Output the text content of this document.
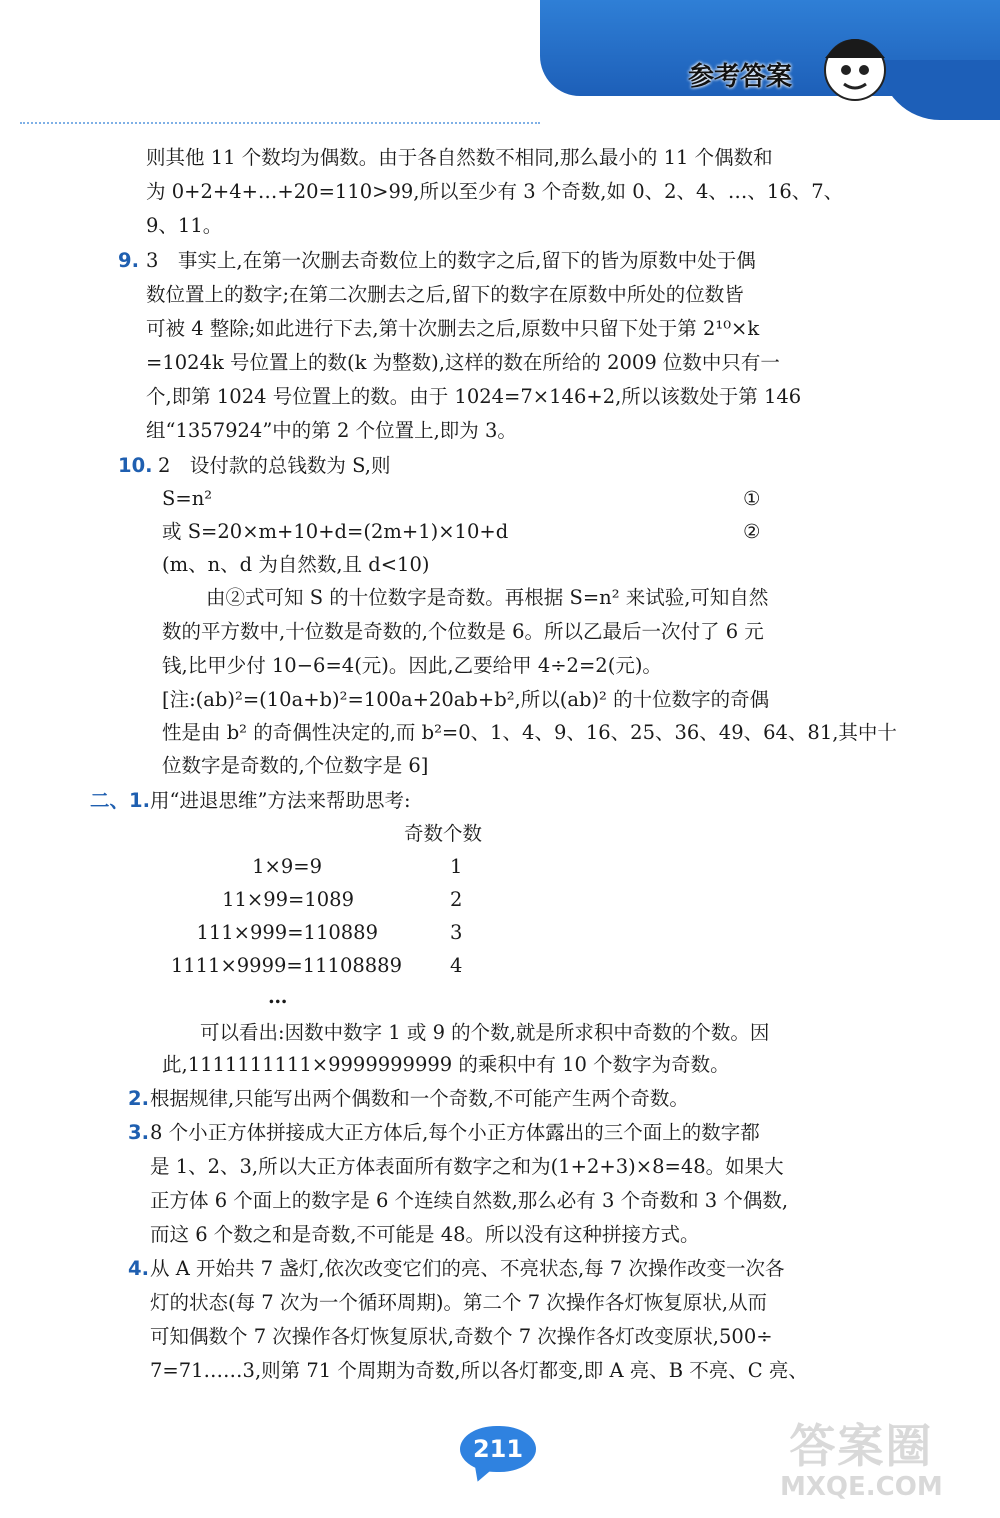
参考答案
则其他 11 个数均为偶数。由于各自然数不相同,那么最小的 11 个偶数和
为 0+2+4+…+20=110>99,所以至少有 3 个奇数,如 0、2、4、…、16、7、
9、11。
9. 3　事实上,在第一次删去奇数位上的数字之后,留下的皆为原数中处于偶
数位置上的数字;在第二次删去之后,留下的数字在原数中所处的位数皆
可被 4 整除;如此进行下去,第十次删去之后,原数中只留下处于第 2¹⁰×k
=1024k 号位置上的数(k 为整数),这样的数在所给的 2009 位数中只有一
个,即第 1024 号位置上的数。由于 1024=7×146+2,所以该数处于第 146
组“1357924”中的第 2 个位置上,即为 3。
10. 2　设付款的总钱数为 S,则
S=n²	①
或 S=20×m+10+d=(2m+1)×10+d	②
(m、n、d 为自然数,且 d<10)
由②式可知 S 的十位数字是奇数。再根据 S=n² 来试验,可知自然
数的平方数中,十位数是奇数的,个位数是 6。所以乙最后一次付了 6 元
钱,比甲少付 10−6=4(元)。因此,乙要给甲 4÷2=2(元)。
[注:(ab)²=(10a+b)²=100a+20ab+b²,所以(ab)² 的十位数字的奇偶
性是由 b² 的奇偶性决定的,而 b²=0、1、4、9、16、25、36、49、64、81,其中十
位数字是奇数的,个位数字是 6]
二、1. 用“进退思维”方法来帮助思考:
奇数个数
1×9=9	1
11×99=1089	2
111×999=110889	3
1111×9999=11108889 4
…
可以看出:因数中数字 1 或 9 的个数,就是所求积中奇数的个数。因
此,1111111111×9999999999 的乘积中有 10 个数字为奇数。
2. 根据规律,只能写出两个偶数和一个奇数,不可能产生两个奇数。
3. 8 个小正方体拼接成大正方体后,每个小正方体露出的三个面上的数字都
是 1、2、3,所以大正方体表面所有数字之和为(1+2+3)×8=48。如果大
正方体 6 个面上的数字是 6 个连续自然数,那么必有 3 个奇数和 3 个偶数,
而这 6 个数之和是奇数,不可能是 48。所以没有这种拼接方式。
4. 从 A 开始共 7 盏灯,依次改变它们的亮、不亮状态,每 7 次操作改变一次各
灯的状态(每 7 次为一个循环周期)。第二个 7 次操作各灯恢复原状,从而
可知偶数个 7 次操作各灯恢复原状,奇数个 7 次操作各灯改变原状,500÷
7=71……3,则第 71 个周期为奇数,所以各灯都变,即 A 亮、B 不亮、C 亮、
211	答案圈
MXQE.COM
